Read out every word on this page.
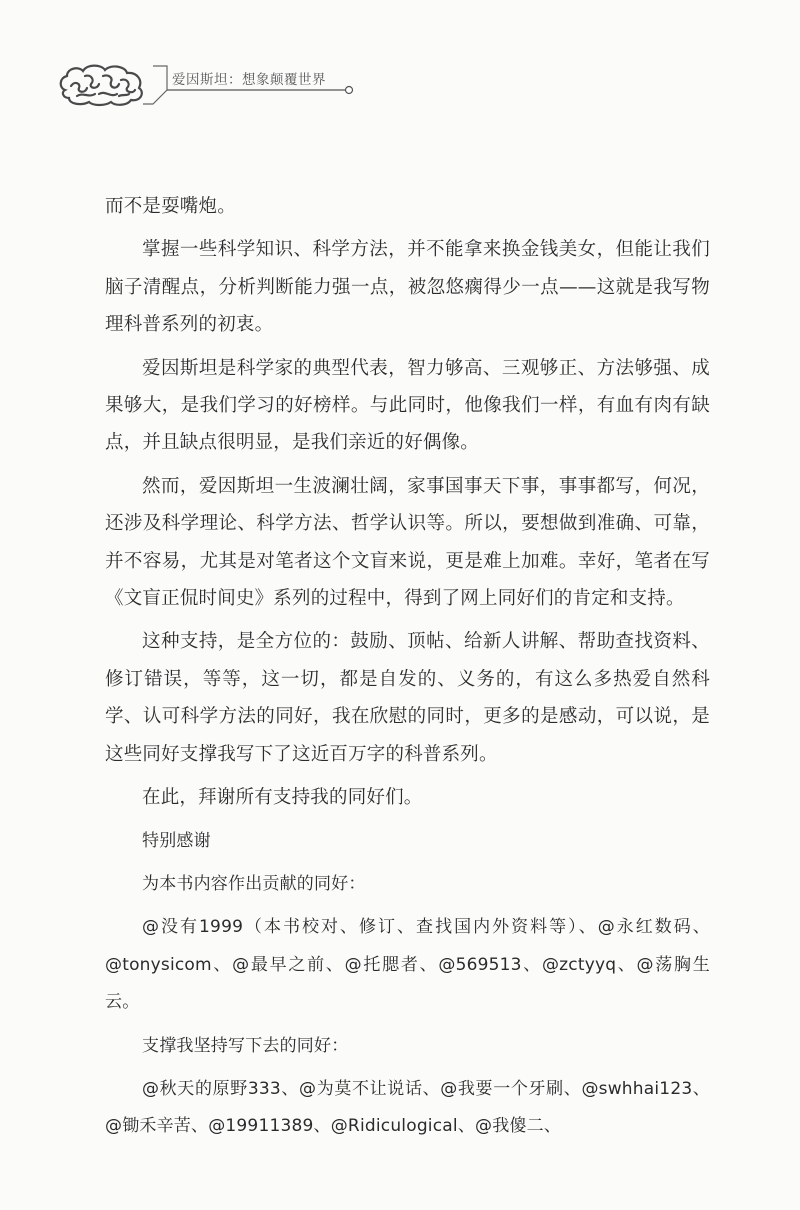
爱因斯坦：想象颠覆世界

而不是耍嘴炮。

掌握一些科学知识、科学方法，并不能拿来换金钱美女，但能让我们脑子清醒点，分析判断能力强一点，被忽悠瘸得少一点——这就是我写物理科普系列的初衷。

爱因斯坦是科学家的典型代表，智力够高、三观够正、方法够强、成果够大，是我们学习的好榜样。与此同时，他像我们一样，有血有肉有缺点，并且缺点很明显，是我们亲近的好偶像。

然而，爱因斯坦一生波澜壮阔，家事国事天下事，事事都写，何况，还涉及科学理论、科学方法、哲学认识等。所以，要想做到准确、可靠，并不容易，尤其是对笔者这个文盲来说，更是难上加难。幸好，笔者在写《文盲正侃时间史》系列的过程中，得到了网上同好们的肯定和支持。

这种支持，是全方位的：鼓励、顶帖、给新人讲解、帮助查找资料、修订错误，等等，这一切，都是自发的、义务的，有这么多热爱自然科学、认可科学方法的同好，我在欣慰的同时，更多的是感动，可以说，是这些同好支撑我写下了这近百万字的科普系列。

在此，拜谢所有支持我的同好们。

特别感谢

为本书内容作出贡献的同好：

@没有1999（本书校对、修订、查找国内外资料等）、@永红数码、@tonysicom、@最早之前、@托腮者、@569513、@zctyyq、@荡胸生云。

支撑我坚持写下去的同好：

@秋天的原野333、@为莫不让说话、@我要一个牙刷、@swhhai123、@锄禾辛苦、@19911389、@Ridiculogical、@我傻二、
